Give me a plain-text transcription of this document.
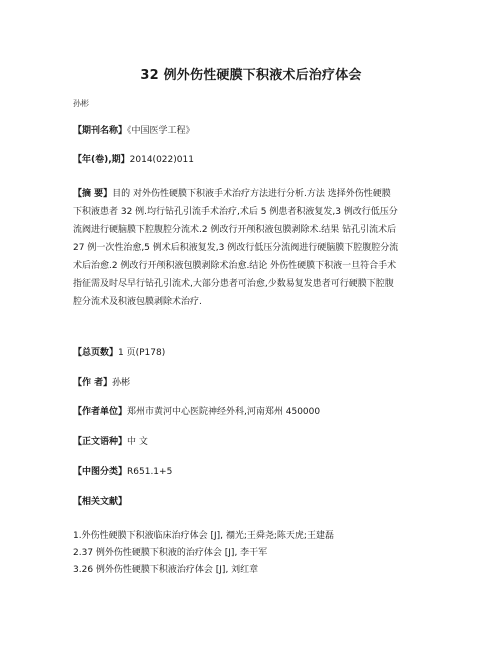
32 例外伤性硬膜下积液术后治疗体会
孙彬
【期刊名称】《中国医学工程》
【年(卷),期】2014(022)011
【摘 要】目的 对外伤性硬膜下积液手术治疗方法进行分析.方法 选择外伤性硬膜
下积液患者 32 例.均行钻孔引流手术治疗,术后 5 例患者积液复发,3 例改行低压分
流阀进行硬脑膜下腔腹腔分流术.2 例改行开颅积液包膜剥除术.结果 钻孔引流术后
27 例一次性治愈,5 例术后积液复发,3 例改行低压分流阀进行硬脑膜下腔腹腔分流
术后治愈.2 例改行开颅积液包膜剥除术治愈.结论 外伤性硬膜下积液一旦符合手术
指征需及时尽早行钻孔引流术,大部分患者可治愈,少数易复发患者可行硬膜下腔腹
腔分流术及积液包膜剥除术治疗.
【总页数】1 页(P178)
【作 者】孙彬
【作者单位】郑州市黄河中心医院神经外科,河南郑州 450000
【正文语种】中 文
【中图分类】R651.1+5
【相关文献】
1.外伤性硬膜下积液临床治疗体会 [J], 禤光;王舜尧;陈天虎;王建磊
2.37 例外伤性硬膜下积液的治疗体会 [J], 李干军
3.26 例外伤性硬膜下积液治疗体会 [J], 刘红章
